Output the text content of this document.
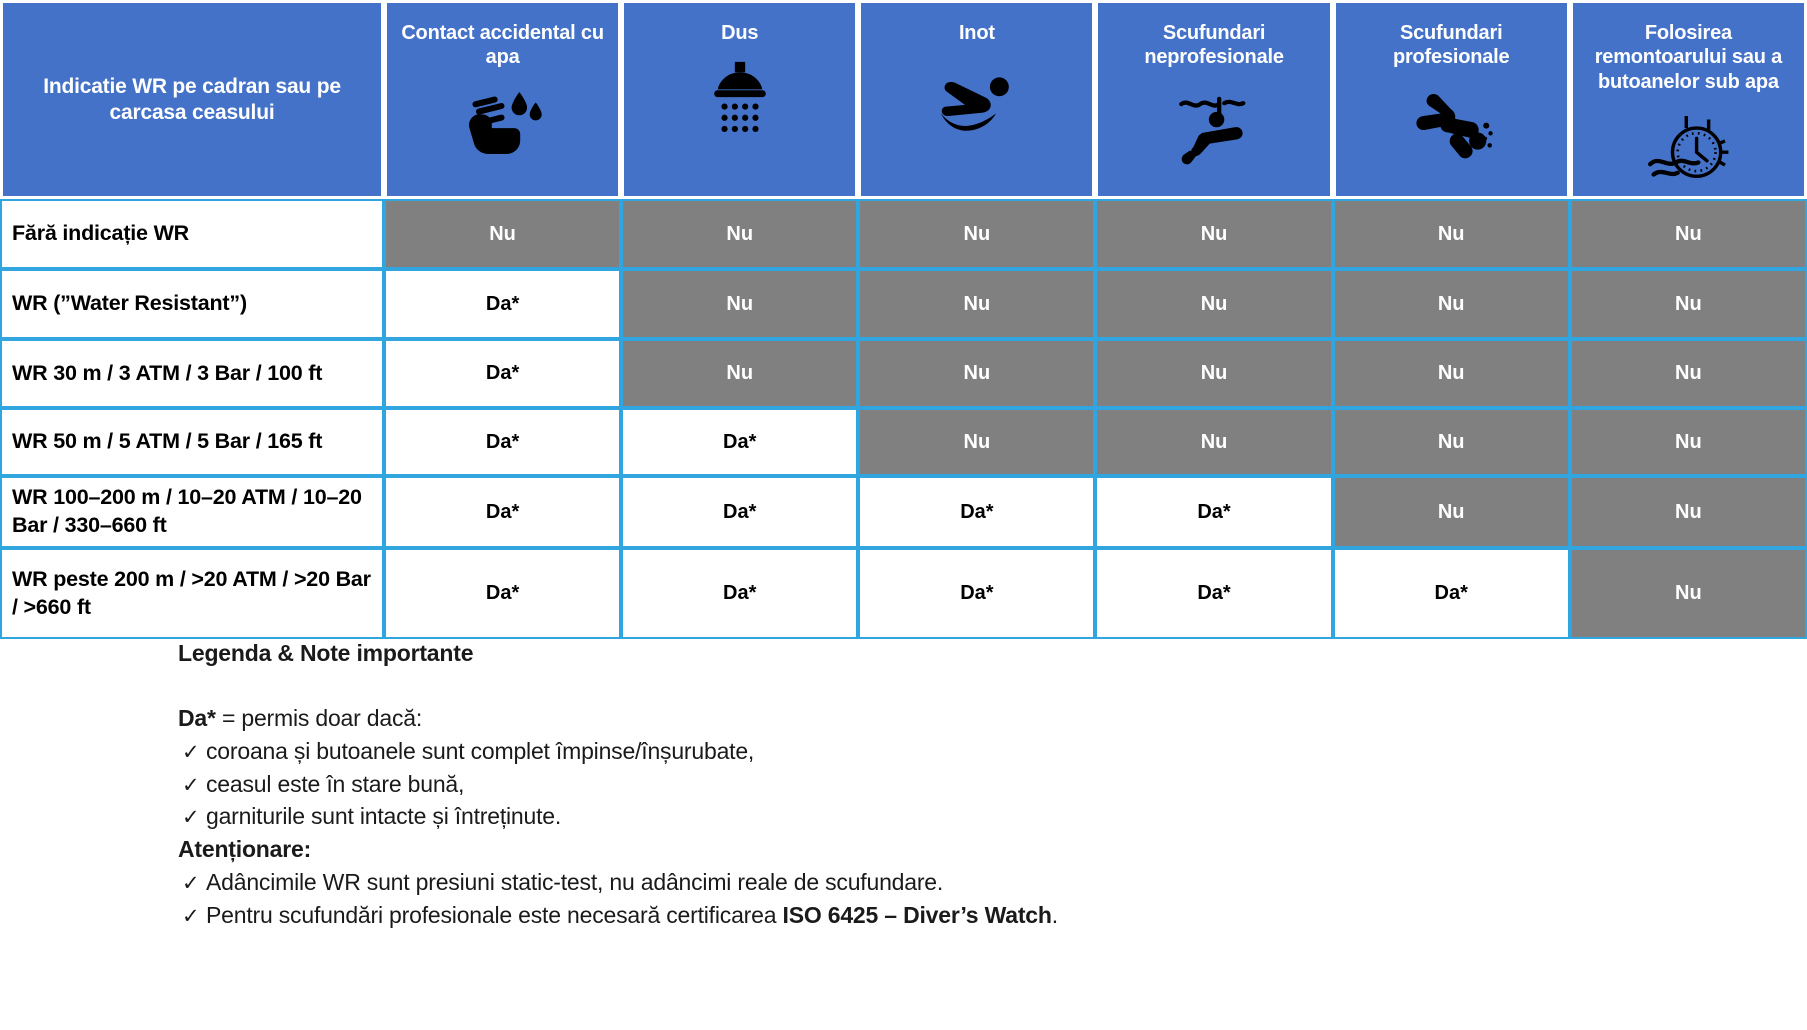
Indicatie WR pe cadran sau pe carcasa ceasului	Contact accidental cu apa	Dus	Inot	Scufundari neprofesionale	Scufundari profesionale	Folosirea remontoarului sau a butoanelor sub apa

Fără indicație WR	Nu	Nu	Nu	Nu	Nu	Nu
WR (”Water Resistant”)	Da*	Nu	Nu	Nu	Nu	Nu
WR 30 m / 3 ATM / 3 Bar / 100 ft	Da*	Nu	Nu	Nu	Nu	Nu
WR 50 m / 5 ATM / 5 Bar / 165 ft	Da*	Da*	Nu	Nu	Nu	Nu
WR 100–200 m / 10–20 ATM / 10–20 Bar / 330–660 ft	Da*	Da*	Da*	Da*	Nu	Nu
WR peste 200 m / >20 ATM / >20 Bar / >660 ft	Da*	Da*	Da*	Da*	Da*	Nu
Legenda & Note importante
Da* = permis doar dacă:
✓ coroana și butoanele sunt complet împinse/înșurubate,
✓ ceasul este în stare bună,
✓ garniturile sunt intacte și întreținute.
Atenționare:
✓ Adâncimile WR sunt presiuni static-test, nu adâncimi reale de scufundare.
✓ Pentru scufundări profesionale este necesară certificarea ISO 6425 – Diver’s Watch.
